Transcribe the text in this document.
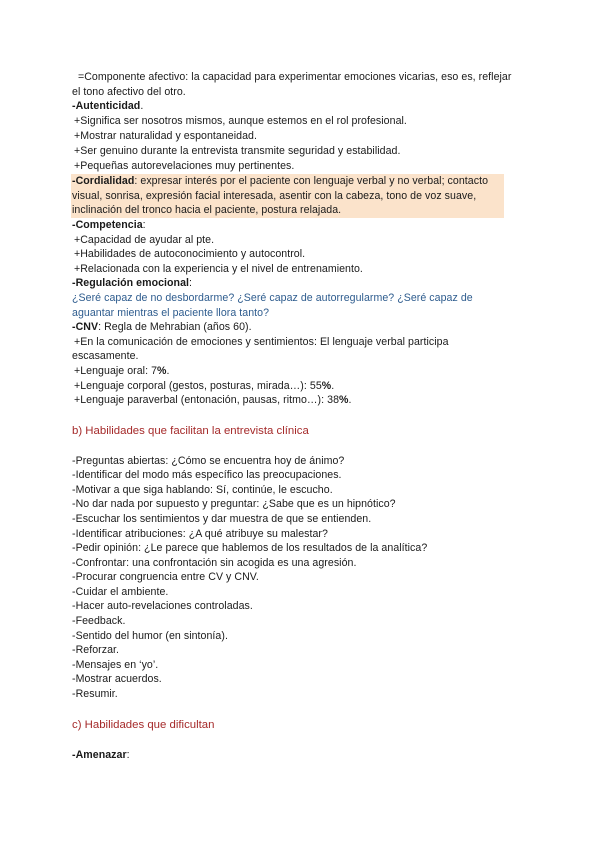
=Componente afectivo: la capacidad para experimentar emociones vicarias, eso es, reflejar
el tono afectivo del otro.
-Autenticidad.
+Significa ser nosotros mismos, aunque estemos en el rol profesional.
+Mostrar naturalidad y espontaneidad.
+Ser genuino durante la entrevista transmite seguridad y estabilidad.
+Pequeñas autorevelaciones muy pertinentes.
-Cordialidad: expresar interés por el paciente con lenguaje verbal y no verbal; contacto
visual, sonrisa, expresión facial interesada, asentir con la cabeza, tono de voz suave,
inclinación del tronco hacia el paciente, postura relajada.
-Competencia:
+Capacidad de ayudar al pte.
+Habilidades de autoconocimiento y autocontrol.
+Relacionada con la experiencia y el nivel de entrenamiento.
-Regulación emocional:
¿Seré capaz de no desbordarme? ¿Seré capaz de autorregularme? ¿Seré capaz de
aguantar mientras el paciente llora tanto?
-CNV: Regla de Mehrabian (años 60).
+En la comunicación de emociones y sentimientos: El lenguaje verbal participa
escasamente.
+Lenguaje oral: 7%.
+Lenguaje corporal (gestos, posturas, mirada…): 55%.
+Lenguaje paraverbal (entonación, pausas, ritmo…): 38%.
b) Habilidades que facilitan la entrevista clínica
-Preguntas abiertas: ¿Cómo se encuentra hoy de ánimo?
-Identificar del modo más específico las preocupaciones.
-Motivar a que siga hablando: Sí, continúe, le escucho.
-No dar nada por supuesto y preguntar: ¿Sabe que es un hipnótico?
-Escuchar los sentimientos y dar muestra de que se entienden.
-Identificar atribuciones: ¿A qué atribuye su malestar?
-Pedir opinión: ¿Le parece que hablemos de los resultados de la analítica?
-Confrontar: una confrontación sin acogida es una agresión.
-Procurar congruencia entre CV y CNV.
-Cuidar el ambiente.
-Hacer auto-revelaciones controladas.
-Feedback.
-Sentido del humor (en sintonía).
-Reforzar.
-Mensajes en ‘yo’.
-Mostrar acuerdos.
-Resumir.
c) Habilidades que dificultan
-Amenazar:
